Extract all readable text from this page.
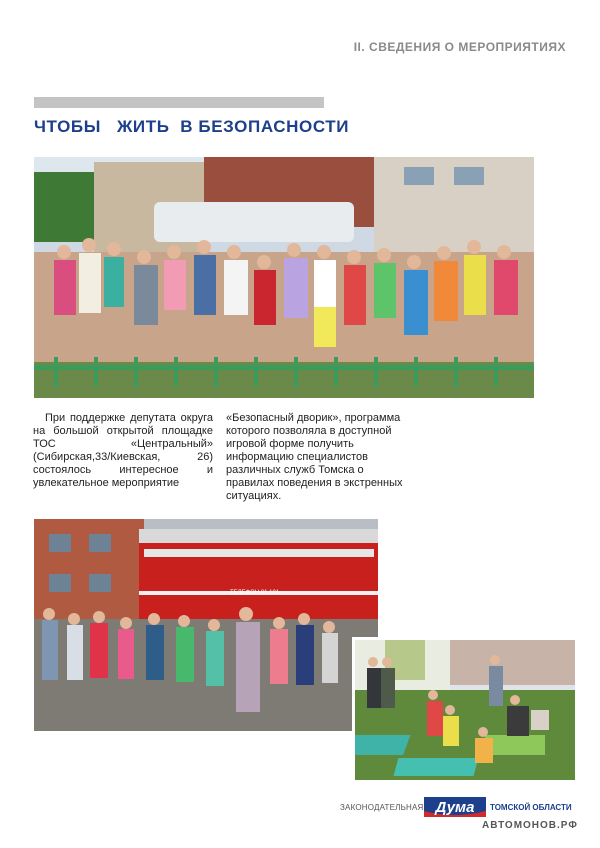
II. СВЕДЕНИЯ О МЕРОПРИЯТИЯХ
ЧТОБЫ   ЖИТЬ  В БЕЗОПАСНОСТИ
При поддержке депутата округа на большой открытой площадке ТОС «Центральный» (Сибирская,33/Киевская, 26) состоялось интересное и увлекательное мероприятие
«Безопасный дворик», программа которого позволяла в доступной игровой форме получить информацию специалистов различных служб Томска о правилах поведения в экстренных ситуациях.
ТЕЛЕФОН 01,101
ЗАКОНОДАТЕЛЬНАЯ Дума ТОМСКОЙ ОБЛАСТИ
АВТОМОНОВ.РФ
